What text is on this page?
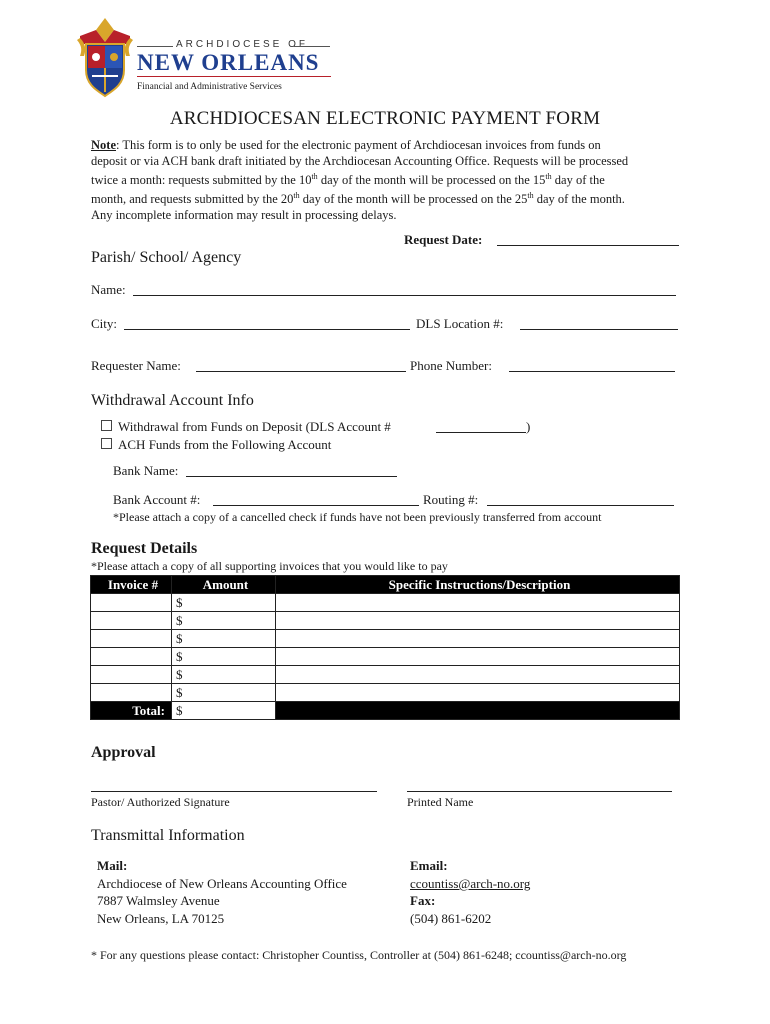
ARCHDIOCESE OF
NEW ORLEANS
Financial and Administrative Services
ARCHDIOCESAN ELECTRONIC PAYMENT FORM
Note: This form is to only be used for the electronic payment of Archdiocesan invoices from funds on
deposit or via ACH bank draft initiated by the Archdiocesan Accounting Office. Requests will be processed
twice a month: requests submitted by the 10th day of the month will be processed on the 15th day of the
month, and requests submitted by the 20th day of the month will be processed on the 25th day of the month.
Any incomplete information may result in processing delays.
Request Date:
Parish/ School/ Agency
Name:
City:	DLS Location #:
Requester Name:	Phone Number:
Withdrawal Account Info
Withdrawal from Funds on Deposit (DLS Account #	)
ACH Funds from the Following Account
Bank Name:
Bank Account #:	Routing #:
*Please attach a copy of a cancelled check if funds have not been previously transferred from account
Request Details
*Please attach a copy of all supporting invoices that you would like to pay
Invoice #	Amount	Specific Instructions/Description
	$	
	$	
	$	
	$	
	$	
	$	
Total:	$	
Approval
Pastor/ Authorized Signature	Printed Name
Transmittal Information
Mail:
Archdiocese of New Orleans Accounting Office
7887 Walmsley Avenue
New Orleans, LA 70125
Email:
ccountiss@arch-no.org
Fax:
(504) 861-6202
* For any questions please contact: Christopher Countiss, Controller at (504) 861-6248; ccountiss@arch-no.org
